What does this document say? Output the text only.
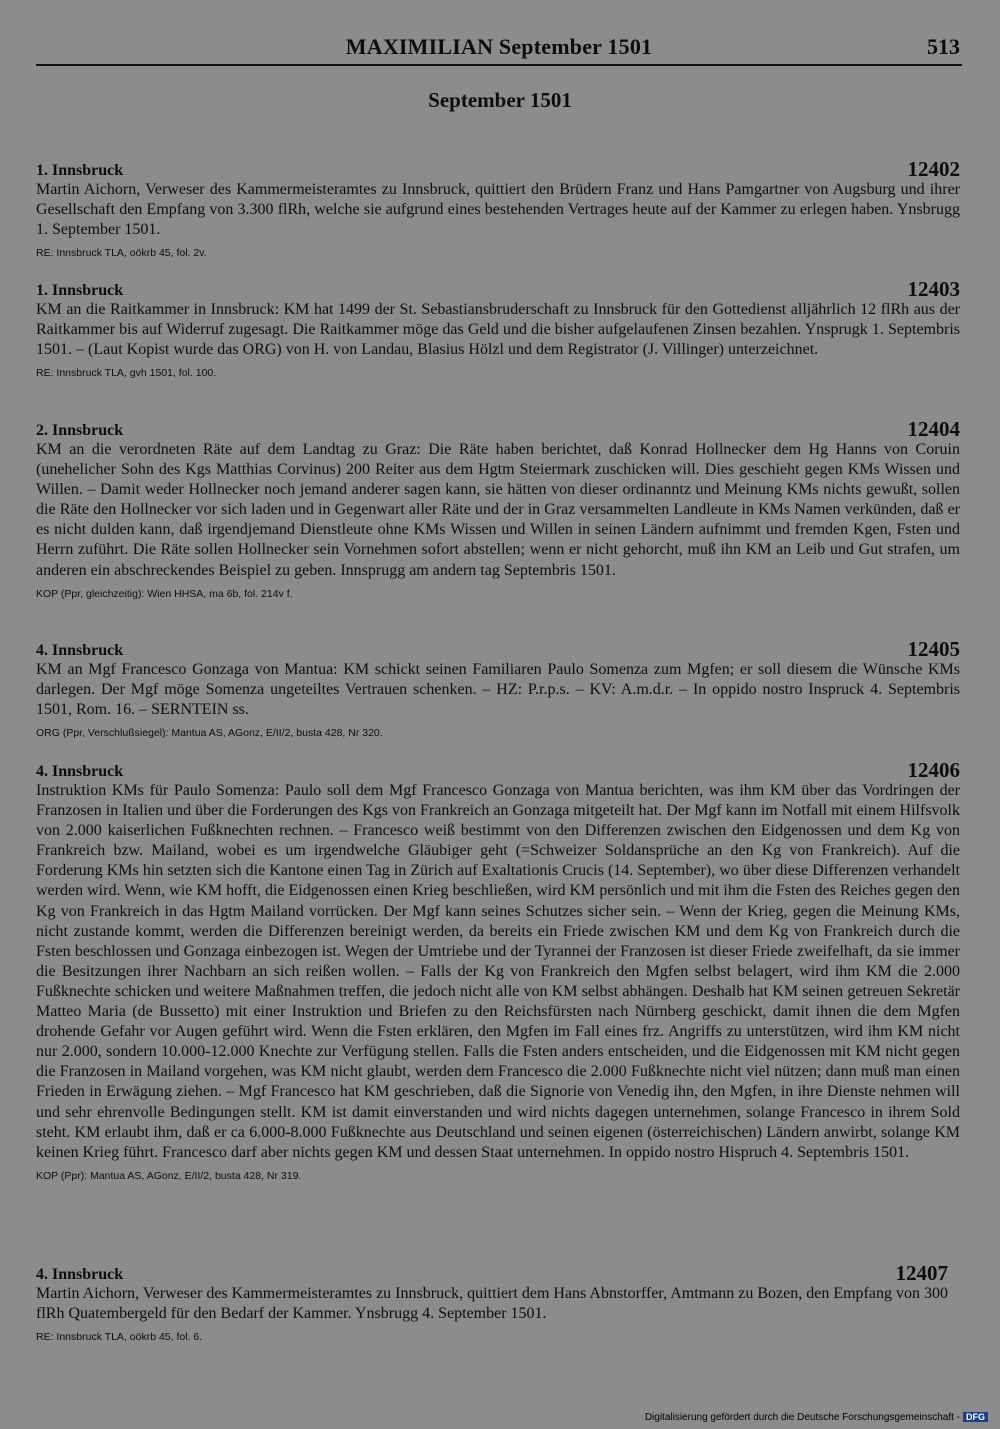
MAXIMILIAN September 1501	513
September 1501
1. Innsbruck	12402

Martin Aichorn, Verweser des Kammermeisteramtes zu Innsbruck, quittiert den Brüdern Franz und Hans Pamgartner von Augsburg und ihrer Gesellschaft den Empfang von 3.300 flRh, welche sie aufgrund eines bestehenden Vertrages heute auf der Kammer zu erlegen haben. Ynsbrugg 1. September 1501.

RE: Innsbruck TLA, oökrb 45, fol. 2v.
1. Innsbruck	12403

KM an die Raitkammer in Innsbruck: KM hat 1499 der St. Sebastiansbruderschaft zu Innsbruck für den Gottedienst alljährlich 12 flRh aus der Raitkammer bis auf Widerruf zugesagt. Die Raitkammer möge das Geld und die bisher aufgelaufenen Zinsen bezahlen. Ynsprugk 1. Septembris 1501. – (Laut Kopist wurde das ORG) von H. von Landau, Blasius Hölzl und dem Registrator (J. Villinger) unterzeichnet.

RE: Innsbruck TLA, gvh 1501, fol. 100.
2. Innsbruck	12404

KM an die verordneten Räte auf dem Landtag zu Graz: Die Räte haben berichtet, daß Konrad Hollnecker dem Hg Hanns von Coruin (unehelicher Sohn des Kgs Matthias Corvinus) 200 Reiter aus dem Hgtm Steiermark zuschicken will. Dies geschieht gegen KMs Wissen und Willen. – Damit weder Hollnecker noch jemand anderer sagen kann, sie hätten von dieser ordinanntz und Meinung KMs nichts gewußt, sollen die Räte den Hollnecker vor sich laden und in Gegenwart aller Räte und der in Graz versammelten Landleute in KMs Namen verkünden, daß er es nicht dulden kann, daß irgendjemand Dienstleute ohne KMs Wissen und Willen in seinen Ländern aufnimmt und fremden Kgen, Fsten und Herrn zuführt. Die Räte sollen Hollnecker sein Vornehmen sofort abstellen; wenn er nicht gehorcht, muß ihn KM an Leib und Gut strafen, um anderen ein abschreckendes Beispiel zu geben. Innsprugg am andern tag Septembris 1501.

KOP (Ppr, gleichzeitig): Wien HHSA, ma 6b, fol. 214v f.
4. Innsbruck	12405

KM an Mgf Francesco Gonzaga von Mantua: KM schickt seinen Familiaren Paulo Somenza zum Mgfen; er soll diesem die Wünsche KMs darlegen. Der Mgf möge Somenza ungeteiltes Vertrauen schenken. – HZ: P.r.p.s. – KV: A.m.d.r. – In oppido nostro Inspruck 4. Septembris 1501, Rom. 16. – SERNTEIN ss.

ORG (Ppr, Verschlußsiegel): Mantua AS, AGonz, E/II/2, busta 428, Nr 320.
4. Innsbruck	12406

Instruktion KMs für Paulo Somenza: Paulo soll dem Mgf Francesco Gonzaga von Mantua berichten, was ihm KM über das Vordringen der Franzosen in Italien und über die Forderungen des Kgs von Frankreich an Gonzaga mitgeteilt hat. Der Mgf kann im Notfall mit einem Hilfsvolk von 2.000 kaiserlichen Fußknechten rechnen. – Francesco weiß bestimmt von den Differenzen zwischen den Eidgenossen und dem Kg von Frankreich bzw. Mailand, wobei es um irgendwelche Gläubiger geht (=Schweizer Soldansprüche an den Kg von Frankreich). Auf die Forderung KMs hin setzten sich die Kantone einen Tag in Zürich auf Exaltationis Crucis (14. September), wo über diese Differenzen verhandelt werden wird. Wenn, wie KM hofft, die Eidgenossen einen Krieg beschließen, wird KM persönlich und mit ihm die Fsten des Reiches gegen den Kg von Frankreich in das Hgtm Mailand vorrücken. Der Mgf kann seines Schutzes sicher sein. – Wenn der Krieg, gegen die Meinung KMs, nicht zustande kommt, werden die Differenzen bereinigt werden, da bereits ein Friede zwischen KM und dem Kg von Frankreich durch die Fsten beschlossen und Gonzaga einbezogen ist. Wegen der Umtriebe und der Tyrannei der Franzosen ist dieser Friede zweifelhaft, da sie immer die Besitzungen ihrer Nachbarn an sich reißen wollen. – Falls der Kg von Frankreich den Mgfen selbst belagert, wird ihm KM die 2.000 Fußknechte schicken und weitere Maßnahmen treffen, die jedoch nicht alle von KM selbst abhängen. Deshalb hat KM seinen getreuen Sekretär Matteo Maria (de Bussetto) mit einer Instruktion und Briefen zu den Reichsfürsten nach Nürnberg geschickt, damit ihnen die dem Mgfen drohende Gefahr vor Augen geführt wird. Wenn die Fsten erklären, den Mgfen im Fall eines frz. Angriffs zu unterstützen, wird ihm KM nicht nur 2.000, sondern 10.000-12.000 Knechte zur Verfügung stellen. Falls die Fsten anders entscheiden, und die Eidgenossen mit KM nicht gegen die Franzosen in Mailand vorgehen, was KM nicht glaubt, werden dem Francesco die 2.000 Fußknechte nicht viel nützen; dann muß man einen Frieden in Erwägung ziehen. – Mgf Francesco hat KM geschrieben, daß die Signorie von Venedig ihn, den Mgfen, in ihre Dienste nehmen will und sehr ehrenvolle Bedingungen stellt. KM ist damit einverstanden und wird nichts dagegen unternehmen, solange Francesco in ihrem Sold steht. KM erlaubt ihm, daß er ca 6.000-8.000 Fußknechte aus Deutschland und seinen eigenen (österreichischen) Ländern anwirbt, solange KM keinen Krieg führt. Francesco darf aber nichts gegen KM und dessen Staat unternehmen. In oppido nostro Hispruch 4. Septembris 1501.

KOP (Ppr): Mantua AS, AGonz, E/II/2, busta 428, Nr 319.
4. Innsbruck	12407

Martin Aichorn, Verweser des Kammermeisteramtes zu Innsbruck, quittiert dem Hans Abnstorffer, Amtmann zu Bozen, den Empfang von 300 flRh Quatembergeld für den Bedarf der Kammer. Ynsbrugg 4. September 1501.

RE: Innsbruck TLA, oökrb 45, fol. 6.
Digitalisierung gefördert durch die Deutsche Forschungsgemeinschaft - DFG
